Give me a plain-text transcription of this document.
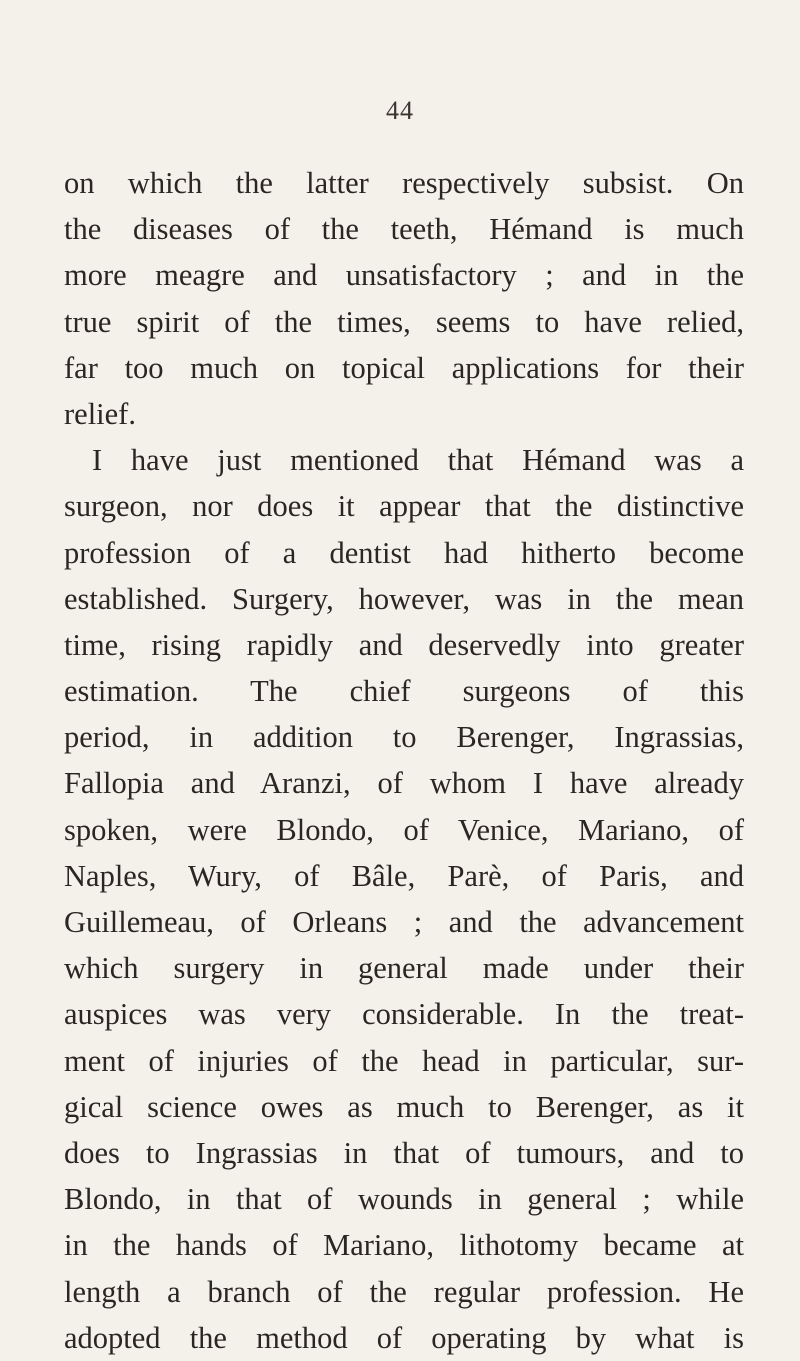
44
on which the latter respectively subsist. On
the diseases of the teeth, Hémand is much
more meagre and unsatisfactory ; and in the
true spirit of the times, seems to have relied,
far too much on topical applications for their
relief.
I have just mentioned that Hémand was a
surgeon, nor does it appear that the distinctive
profession of a dentist had hitherto become
established. Surgery, however, was in the mean
time, rising rapidly and deservedly into greater
estimation. The chief surgeons of this
period, in addition to Berenger, Ingrassias,
Fallopia and Aranzi, of whom I have already
spoken, were Blondo, of Venice, Mariano, of
Naples, Wury, of Bâle, Parè, of Paris, and
Guillemeau, of Orleans ; and the advancement
which surgery in general made under their
auspices was very considerable. In the treat-
ment of injuries of the head in particular, sur-
gical science owes as much to Berenger, as it
does to Ingrassias in that of tumours, and to
Blondo, in that of wounds in general ; while
in the hands of Mariano, lithotomy became at
length a branch of the regular profession. He
adopted the method of operating by what is
